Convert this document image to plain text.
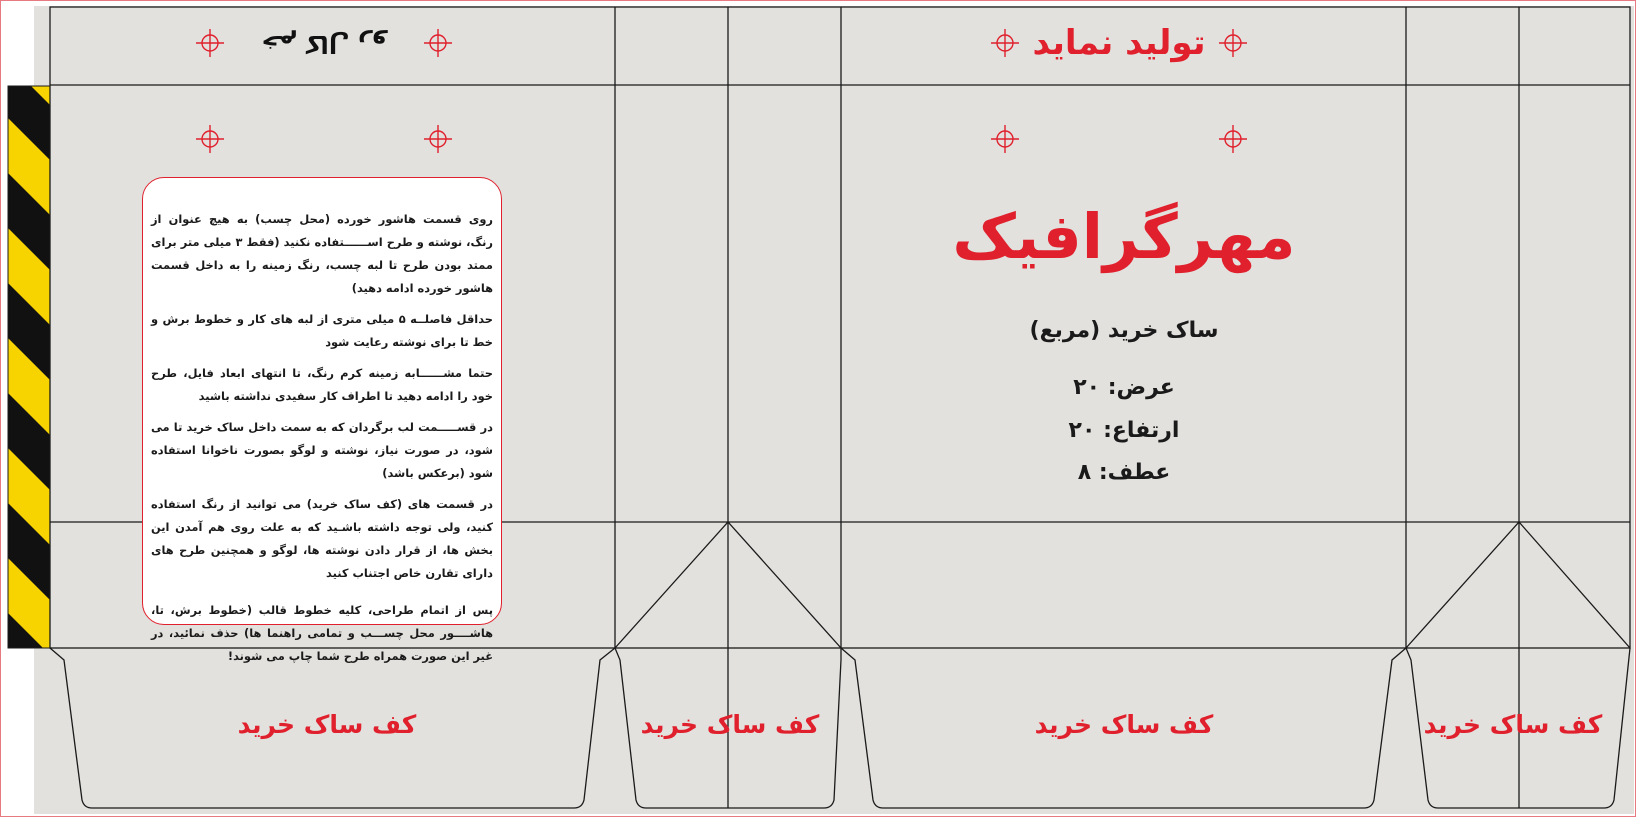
ﺧﻢ ﻛﺎﻝ ﺭﻭ	تولید نماید
مهرگرافیک
ساک خرید (مربع)
عرض: ۲۰
ارتفاع: ۲۰
عطف: ۸
کف ساک خرید	کف ساک خرید	کف ساک خرید	کف ساک خرید

روی قسمت هاشور خورده (محل چسب) به هیچ عنوان از رنگ، نوشته و طرح اســــــتفاده نکنید (فقط ۳ میلی متر برای ممتد بودن طرح تا لبه چسب، رنگ زمینه را به داخل قسمت هاشور خورده ادامه دهید)

حداقل فاصلــه ۵ میلی متری از لبه های کار و خطوط برش و خط تا برای نوشته رعایت شود

حتما مشــــــابه زمینه کرم رنگ، تا انتهای ابعاد فایل، طرح خود را ادامه دهید تا اطراف کار سفیدی نداشته باشید

در قســـــمت لب برگردان که به سمت داخل ساک خرید تا می شود، در صورت نیاز، نوشته و لوگو بصورت ناخوانا استفاده شود (برعکس باشد)

در قسمت های (کف ساک خرید) می توانید از رنگ استفاده کنید، ولی توجه داشته باشـید که به علت روی هم آمدن این بخش ها، از قرار دادن نوشته ها، لوگو و همچنین طرح های دارای تقارن خاص اجتناب کنید

پس از اتمام طراحی، کلیه خطوط قالب (خطوط برش، تا، هاشــــور محل چســـب و تمامی راهنما ها) حذف نمائید، در غیر این صورت همراه طرح شما چاپ می شوند!
